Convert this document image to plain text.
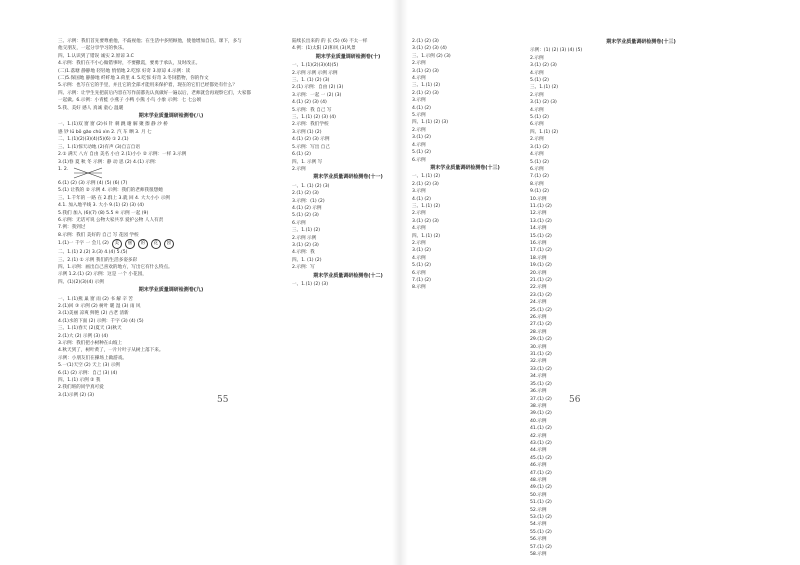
三、示例：我们首先要尊重他，不歧视他；在生活中多照顾他，使他增加自信，课下，多与
他交朋友，一起分享学习的快乐。
四、1.认识到了错误 诚实 2.原谅 3.C
4.示例：我们在不小心做错事时，不要撒谎，要勇于承认，及时改正。
(二)1.落塘 静静地 轻轻地 悄悄地 2.吃惊 好奇 3.原谅 4.示例：读
(二)5.保国地 静静地 纤纤地 3.荷里 4. 5.吃惊 好奇 3.冬饲猎物，你的作文
5.示例：也写在它的手里，并且它的全部才能用来保护着，现在的它们已经都处有什么？
四、示例：让学生先把前后内容在写作前都先认真做好一遍以后，老师就会再观察它们，大家都
一起做。6.示例：小青蛙 小燕子 小鸭 小熊 小鸟 小象 示例：七 七公顷
5.我、美好 感人 真诚 童心 温暖
期末学业质量调研检测卷(八)
一、1.(1)双 窗 窗 (2)书 针 刺 跳 谢 解 聚 擦 静 沙 桥
感 钞 lü bō găo chǔ xìn 2. 汽 车 晒 3. 月 七
二、1.(1)(2)(3)(4)(5)(6) ① 2.(1)
三、1.(1)惊天动地 (2)有声 (3)自言自语
2.① 满天 八方 自由 美名 小白 2.(1)小小 ② 示例：一样 3.示例
3.(1)春 夏 秋 冬 示例：静 动 思 (2) 4.(1) 示例：
1. 2.
6.(1) (2) (3) 示例 (4) (5) (6) (7)
5.(1) 让我的 ② 示例 4. 示例：我们的老师我很想她
三、1.千年的 一路 在 2.群上 3.就 回 4. 大大小小 示例
4.1. 加入地平线 3. 大小 9.(1) (2) (3) (4)
5.我们 加入 (6)(7) (8) 5.5 ④ 示例 一起 (9)
6.示例：无话可说 公物大家共享 爱护公物 人人有责
7.例：我到过
8.示例：我们 美好的 自己 写 花园 学校
1.(1)一 千字 一 会儿 (2)	美	丽	的	花	园
二、1.(1) 2.(2) 3.(3) 4.(4) 5.(5)
三、2.(1) ① 示例 我们的生活多姿多彩
四、1.示例：画出自己喜欢的地方，写出它有什么特点。
示例 1.2.(1) (2) 示例：这是 一个 小花园，
四、(1)(2)(3)(4) 示例
期末学业质量调研检测卷(九)
一、1.(1)燕 巢 窗 雨 (2) 书 解 辛 苦
2.(1)回 ③ 示例 (2) 树叶 暖 湿 (3) 雨 风
3.(1)美丽 凉爽 鲜艳 (2) 古老 清新
4.(1)水的下面 (2) 示例：千字 (3) (4) (5)
三、1.(1)春天 (2)夏天 (3)秋天
2.(1)大 (2) 示例 (3) (4)
3.示例：我们把小树种在山坡上
4.秋天到了，树叶黄了，一片片叶子从树上落下来。
示例：小朋友们在操场上做游戏。
5.一(1)天空 (2) 天上 (3) 示例
6.(1) (2) 示例：自己 (3) (4)
四、1.(1) 示例 ② 我
2.我们班的同学真可爱
3.(1)示例 (2) (3)
陆续长出来的 的 长 (5) (6) 不太一样
4.例：(1)太阳 (2)和风 (3)风景
期末学业质量调研检测卷(十)
一、1.(1)(2)(3)(4)(5)
2.示例 示例 示例 示例
三、1. (1) (2) (3)
2.(1) 示例：自由 (2) (3)
3.示例：一起 一 (2) (3)
4.(1) (2) (3) (4)
5.示例：我 自己 写
三、1.(1) (2) (3) (4)
2.示例：我们学校
3.示例 (1) (2)
4.(1) (2) (3) 示例
5.示例：写出 自己
6.(1) (2)
四、1. 示例 写
2.示例
期末学业质量调研检测卷(十一)
一、1. (1) (2) (3)
2.(1) (2) (3)
3.示例：(1) (2)
4.(1) (2) 示例
5.(1) (2) (3)
6.示例
三、1.(1) (2)
2.示例 示例
3.(1) (2) (3)
4.示例：我
四、1. (1) (2)
2.示例：写
期末学业质量调研检测卷(十二)
一、1.(1) (2) (3)
2.(1) (2) (3)
3.(1) (2) (3) (4)
三、1.示例 (2) (3)
2.示例
3.(1) (2) (3)
4.示例
三、1.(1) (2)
2.(1) (2) (3)
3.示例
4.(1) (2)
5.示例
四、1.(1) (2) (3)
2.示例
3.(1) (2)
4.示例
5.(1) (2)
6.示例
期末学业质量调研检测卷(十三)
一、1.(1) (2)
2.(1) (2) (3)
3.示例
4.(1) (2)
三、1.(1) (2)
2.示例
3.(1) (2) (3)
4.示例
四、1.(1) (2)
2.示例
3.(1) (2)
4.示例
5.(1) (2)
6.示例
7.(1) (2)
8.示例
期末学业质量调研检测卷(十三)
示例：(1) (2) (3) (4) (5)
2.示例
3.(1) (2) (3)
4.示例
5.(1) (2)
三、1.(1) (2)
2.示例
3.(1) (2) (3)
4.示例
5.(1) (2)
6.示例
四、1.(1) (2)
2.示例
3.(1) (2)
4.示例
5.(1) (2)
6.示例
7.(1) (2)
8.示例
9.(1) (2)
10.示例
11.(1) (2)
12.示例
13.(1) (2)
14.示例
15.(1) (2)
16.示例
17.(1) (2)
18.示例
19.(1) (2)
20.示例
21.(1) (2)
22.示例
23.(1) (2)
24.示例
25.(1) (2)
26.示例
27.(1) (2)
28.示例
29.(1) (2)
30.示例
31.(1) (2)
32.示例
33.(1) (2)
34.示例
35.(1) (2)
36.示例
37.(1) (2)
38.示例
39.(1) (2)
40.示例
41.(1) (2)
42.示例
43.(1) (2)
44.示例
45.(1) (2)
46.示例
47.(1) (2)
48.示例
49.(1) (2)
50.示例
51.(1) (2)
52.示例
53.(1) (2)
54.示例
55.(1) (2)
56.示例
57.(1) (2)
58.示例
55	56
